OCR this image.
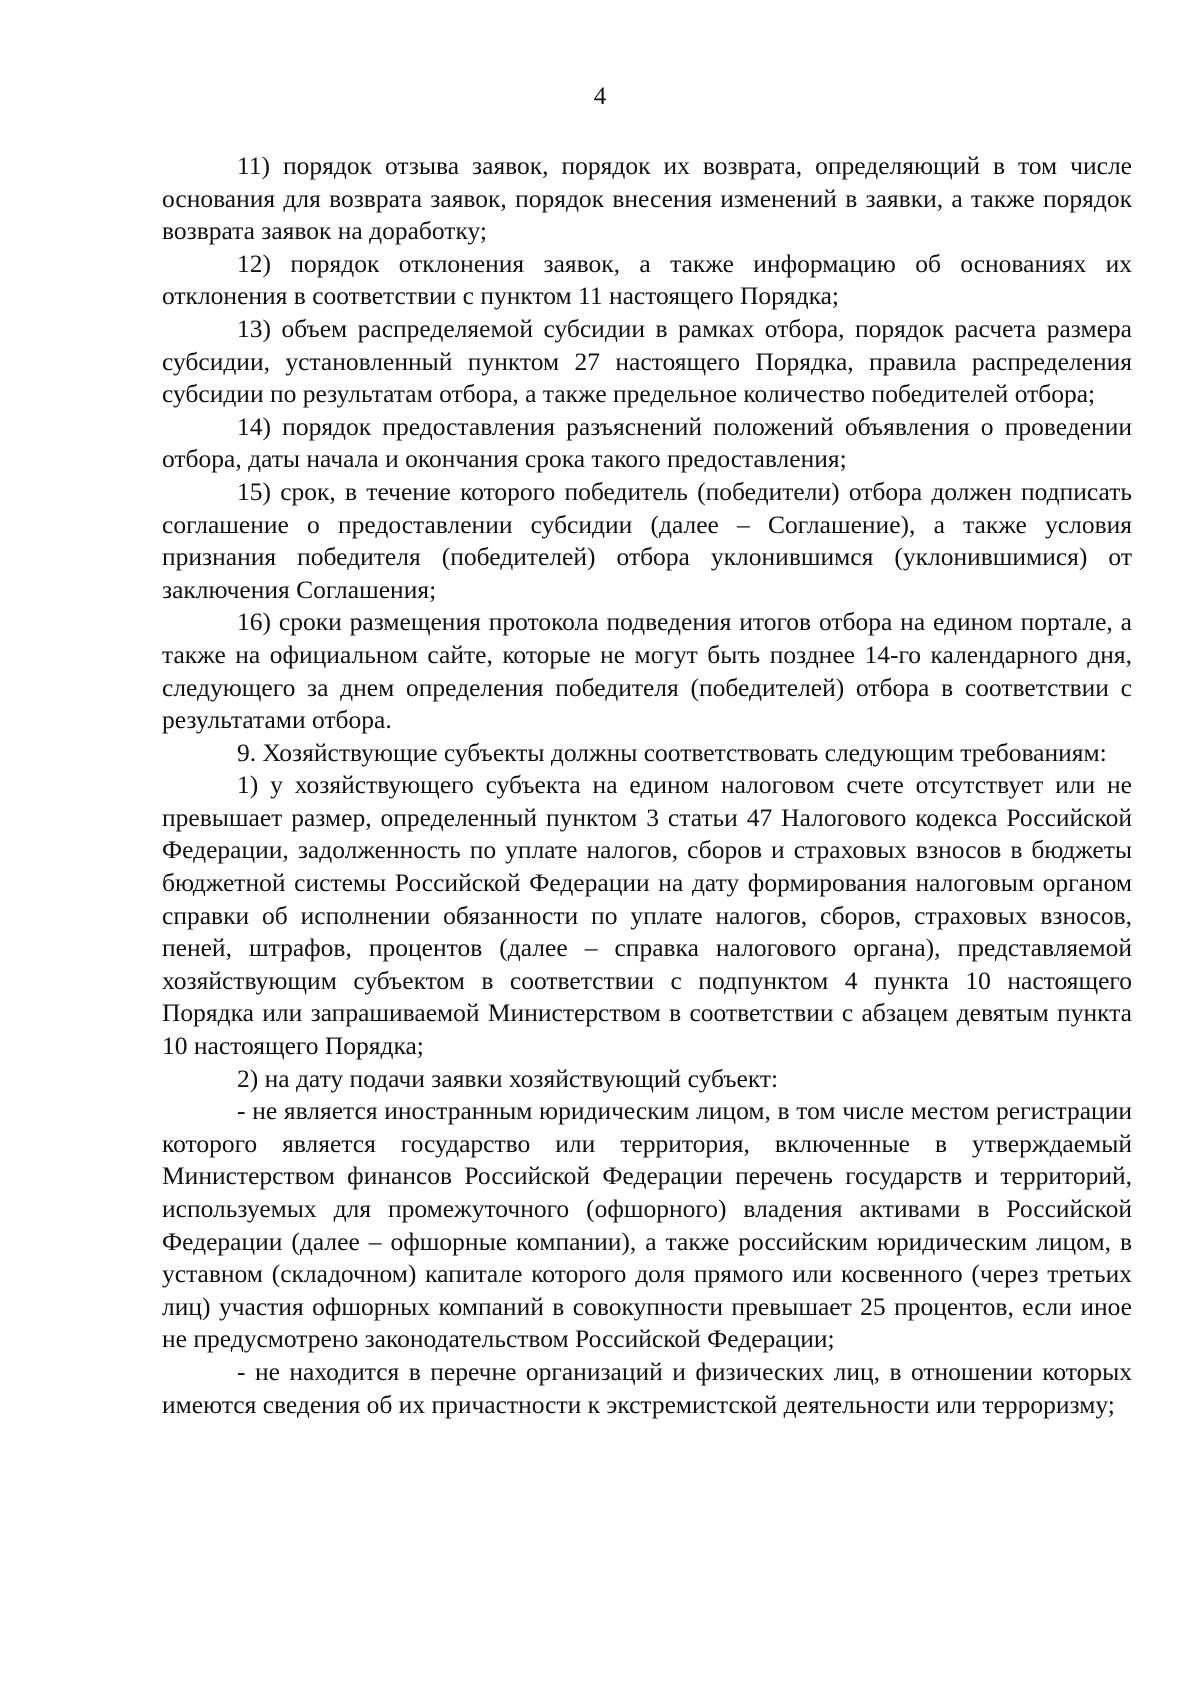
4

11) порядок отзыва заявок, порядок их возврата, определяющий в том числе основания для возврата заявок, порядок внесения изменений в заявки, а также порядок возврата заявок на доработку;

12) порядок отклонения заявок, а также информацию об основаниях их отклонения в соответствии с пунктом 11 настоящего Порядка;

13) объем распределяемой субсидии в рамках отбора, порядок расчета размера субсидии, установленный пунктом 27 настоящего Порядка, правила распределения субсидии по результатам отбора, а также предельное количество победителей отбора;

14) порядок предоставления разъяснений положений объявления о проведении отбора, даты начала и окончания срока такого предоставления;

15) срок, в течение которого победитель (победители) отбора должен подписать соглашение о предоставлении субсидии (далее – Соглашение), а также условия признания победителя (победителей) отбора уклонившимся (уклонившимися) от заключения Соглашения;

16) сроки размещения протокола подведения итогов отбора на едином портале, а также на официальном сайте, которые не могут быть позднее 14-го календарного дня, следующего за днем определения победителя (победителей) отбора в соответствии с результатами отбора.

9. Хозяйствующие субъекты должны соответствовать следующим требованиям:

1) у хозяйствующего субъекта на едином налоговом счете отсутствует или не превышает размер, определенный пунктом 3 статьи 47 Налогового кодекса Российской Федерации, задолженность по уплате налогов, сборов и страховых взносов в бюджеты бюджетной системы Российской Федерации на дату формирования налоговым органом справки об исполнении обязанности по уплате налогов, сборов, страховых взносов, пеней, штрафов, процентов (далее – справка налогового органа), представляемой хозяйствующим субъектом в соответствии с подпунктом 4 пункта 10 настоящего Порядка или запрашиваемой Министерством в соответствии с абзацем девятым пункта 10 настоящего Порядка;

2) на дату подачи заявки хозяйствующий субъект:

- не является иностранным юридическим лицом, в том числе местом регистрации которого является государство или территория, включенные в утверждаемый Министерством финансов Российской Федерации перечень государств и территорий, используемых для промежуточного (офшорного) владения активами в Российской Федерации (далее – офшорные компании), а также российским юридическим лицом, в уставном (складочном) капитале которого доля прямого или косвенного (через третьих лиц) участия офшорных компаний в совокупности превышает 25 процентов, если иное не предусмотрено законодательством Российской Федерации;

- не находится в перечне организаций и физических лиц, в отношении которых имеются сведения об их причастности к экстремистской деятельности или терроризму;
